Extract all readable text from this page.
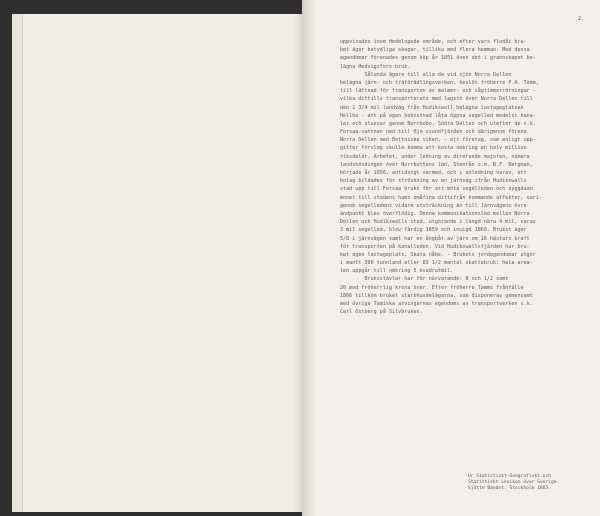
2.
uppvisades inom Hedelopede område, och efter vars flodåi bru-
bet äger betydliga skogar, tillika med flera hemman. Med dessa
egendomar förenades genom köp år 1851 även det i grannskapet be-
lägna Hedvigsfors bruk.
Sålunda ägare till alla de vid sjön Norra Dellen
belägna järn- och träförädlingsverken, beslöt fröherre P.A. Tamm,
till lättnad för transporten av malmer- och sågtimmerrörningar -
vilka dittills transporterats med lagstö över Norra Dellen till
den 1 3/4 mil landväg från Hudikswall belägna lastageplatsen
Hellbo - att på egen bekostnad låta öppna segelled medelst kana-
ler och slussar genom Norrbobn, Södra Dellen och utefter de s.k.
Forsaa-vattnen ned till Hjo-ssundfjärden och därigenom förena
Norra Dellen med Bottniska viken, - ett företag, som enligt upp-
gitter förvlag skulle komma att kosta omkring en halv million
riksdaler. Arbetet, under ledning av direrande majoren, numera
landshövdingen över Norrbottens län, Stenrån o.m. B.F. Bergman,
började år 1856, antidsigt varmed, och i anledning varav, ett
bolag bildades för strövkning av en järnväg ifrån Hudikswalls
stad upp till Forsaa bruks för att möta segelleden och ayggdaan
monet till stadens hamn omåfina dittifrån kommande affekter, vari-
genom segelledens vidare utsträckning än till Järnvägens övre
ändpunkt blev överflödig. Denna kommunikationsled mellan Norra
Dellen och Hudikswalls stad, utgörande i längd nära 4 mil, varav
3 mil segelled, blev färdig 1859 och invigd 1860. Brukst äger
5/8 i järnvägen samt har en ångbåt av järn om 16 hästars kraft
för transporten på kanalleden. Vid Hudikswallsfjärden har bru-
ket egen lastageplats, Skata nåbe. - Brukets jordegendomar utgör
i mantt 300 tunnland eller 83 1/2 mantal skattebruk; hela area-
len uppgår till omkring 5 kvadratmil.
Bruksstävlar har för närvarande: 8 och 1/2 samt
20 med fröherrlig krona över. Efter fröherre Tamms frånfälle
1866 tillköm bruket starbhusdelägarna, som disponeras gemensamt
med övriga Tamiska arvingarnas egendoms av transportverken s.k.
Carl Ostberg på Silvbruken.
Ur Statistiskt-Geografiskt och
Statistiskt Lexikon över Sverige.
Sjätte Bandet. Stockholm 1865.
